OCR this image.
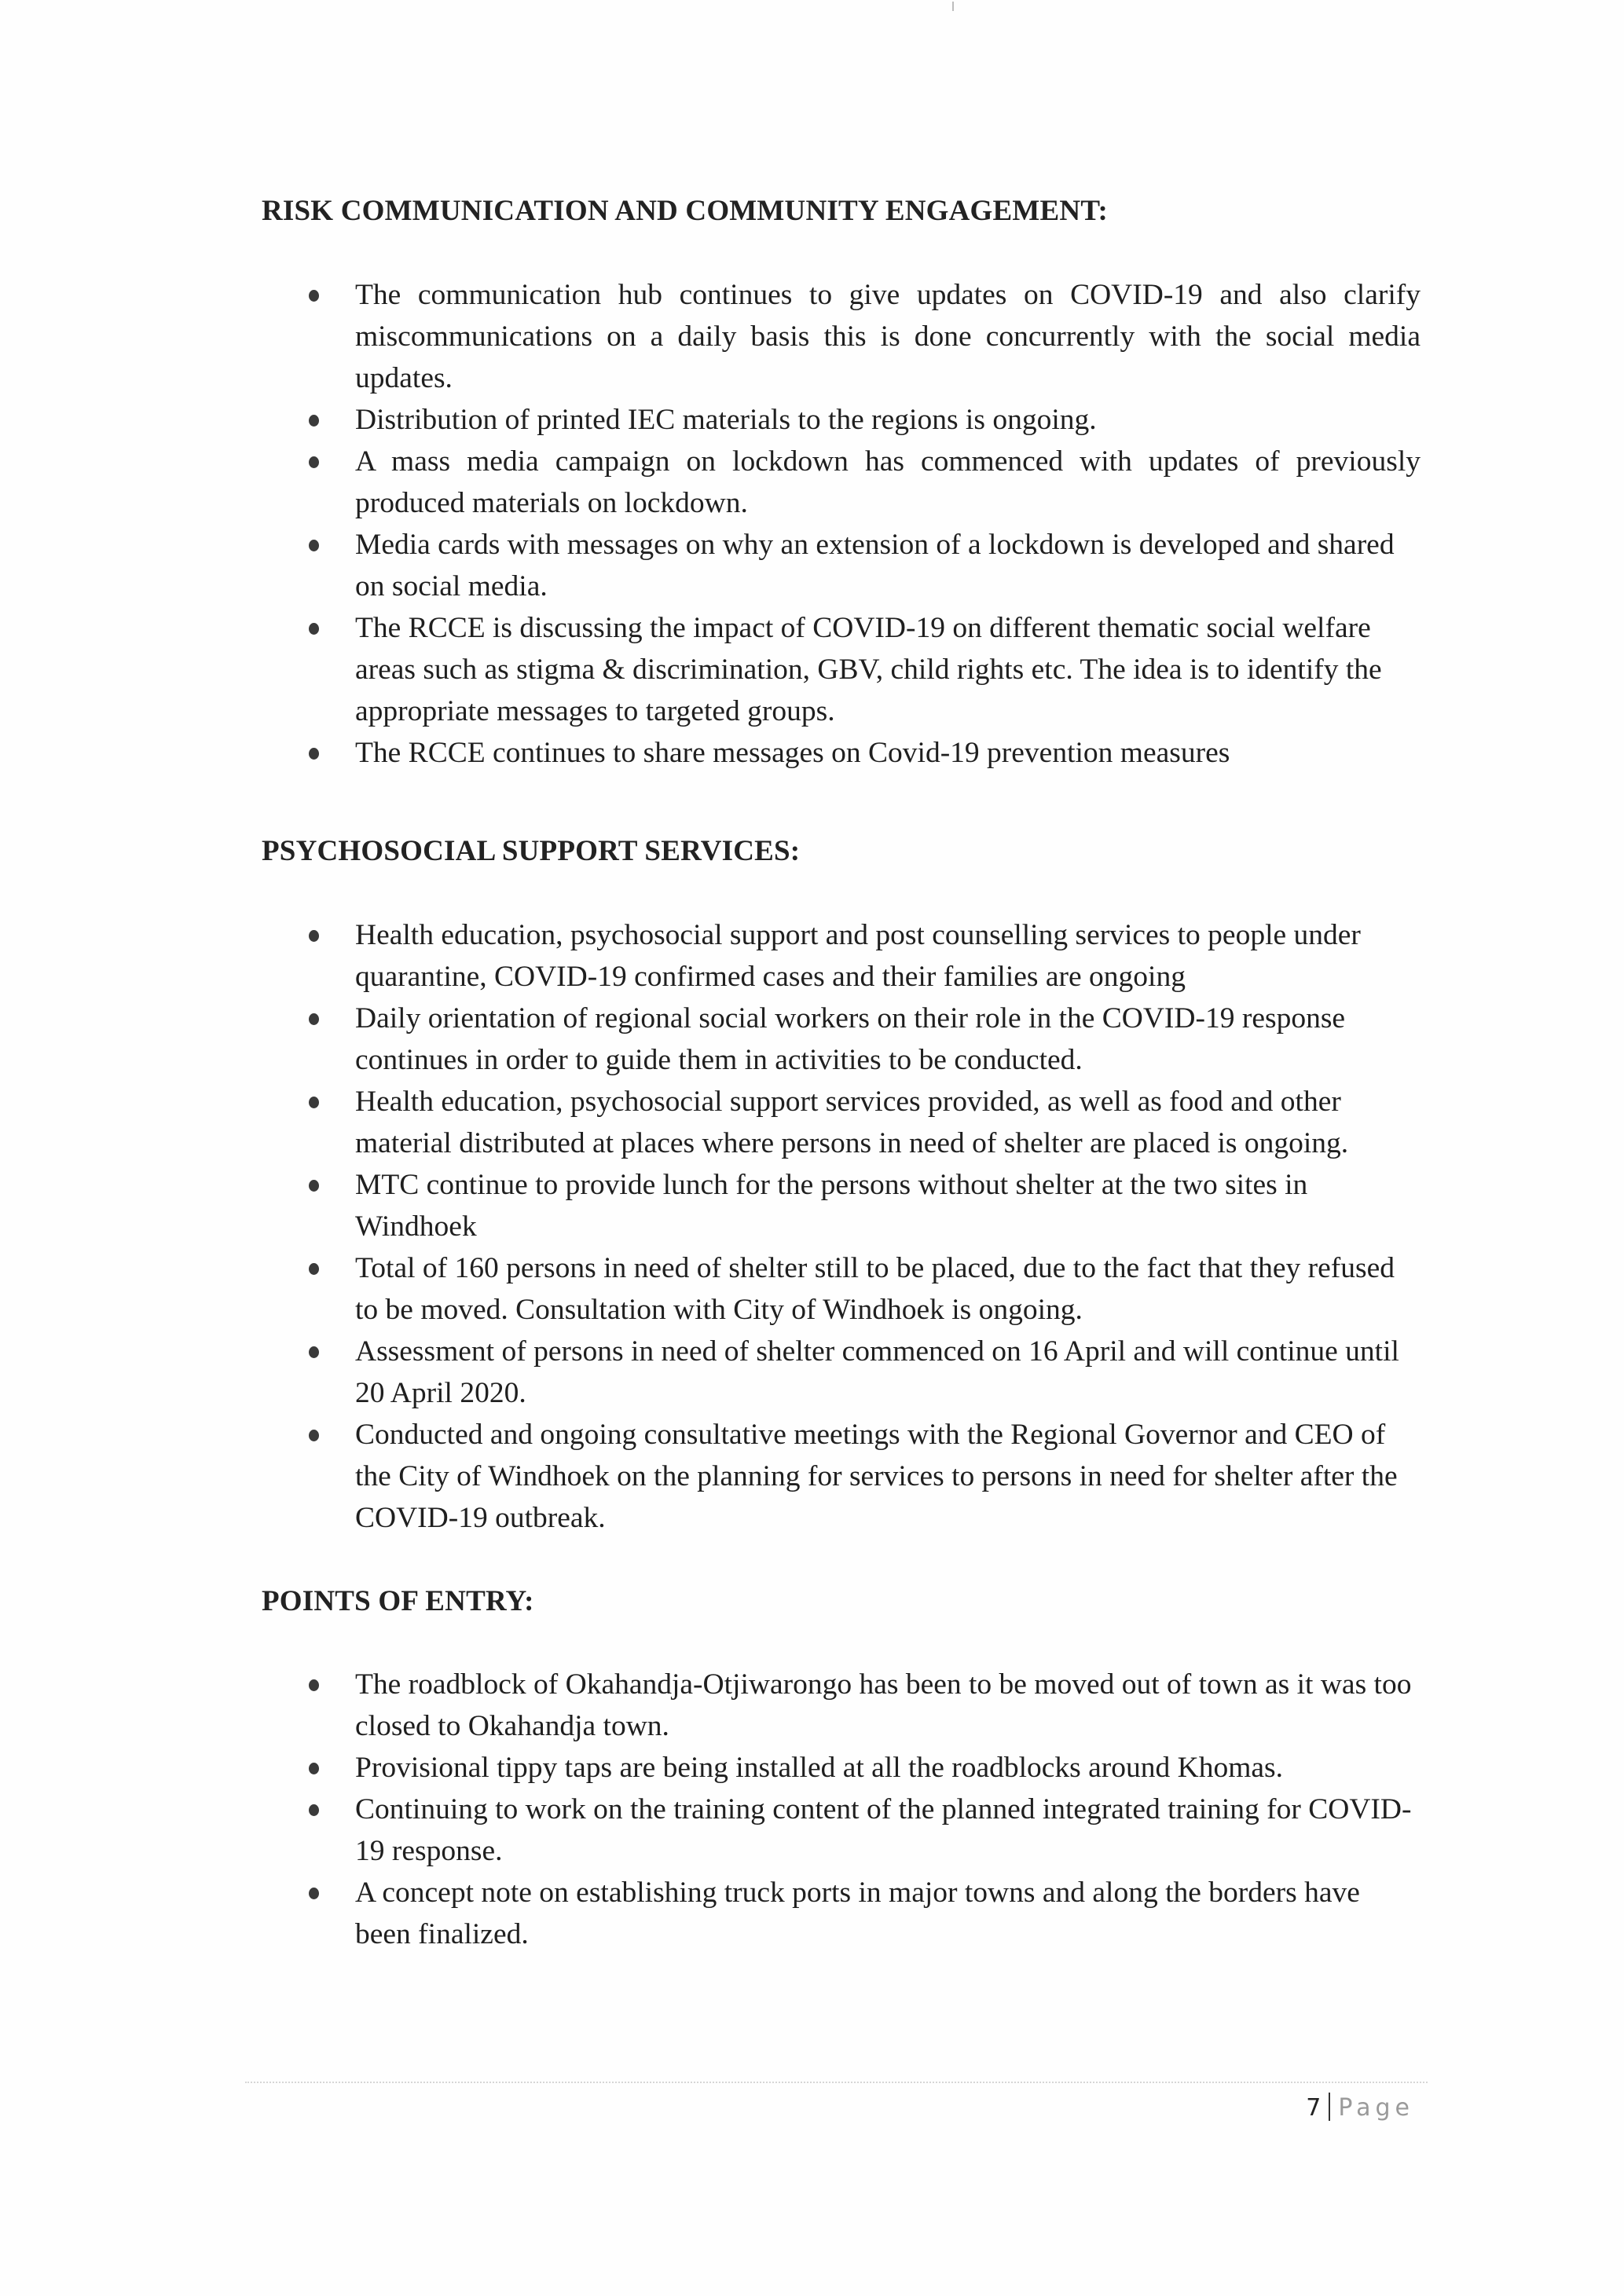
RISK COMMUNICATION AND COMMUNITY ENGAGEMENT:
The communication hub continues to give updates on COVID-19 and also clarify miscommunications on a daily basis this is done concurrently with the social media updates.
Distribution of printed IEC materials to the regions is ongoing.
A mass media campaign on lockdown has commenced with updates of previously produced materials on lockdown.
Media cards with messages on why an extension of a lockdown is developed and shared on social media.
The RCCE is discussing the impact of COVID-19 on different thematic social welfare areas such as stigma & discrimination, GBV, child rights etc. The idea is to identify the appropriate messages to targeted groups.
The RCCE continues to share messages on Covid-19 prevention measures
PSYCHOSOCIAL SUPPORT SERVICES:
Health education, psychosocial support and post counselling services to people under quarantine, COVID-19 confirmed cases and their families are ongoing
Daily orientation of regional social workers on their role in the COVID-19 response continues in order to guide them in activities to be conducted.
Health education, psychosocial support services provided, as well as food and other material distributed at places where persons in need of shelter are placed is ongoing.
MTC continue to provide lunch for the persons without shelter at the two sites in Windhoek
Total of 160 persons in need of shelter still to be placed, due to the fact that they refused to be moved. Consultation with City of Windhoek is ongoing.
Assessment of persons in need of shelter commenced on 16 April and will continue until 20 April 2020.
Conducted and ongoing consultative meetings with the Regional Governor and CEO of the City of Windhoek on the planning for services to persons in need for shelter after the COVID-19 outbreak.
POINTS OF ENTRY:
The roadblock of Okahandja-Otjiwarongo has been to be moved out of town as it was too closed to Okahandja town.
Provisional tippy taps are being installed at all the roadblocks around Khomas.
Continuing to work on the training content of the planned integrated training for COVID-19 response.
A concept note on establishing truck ports in major towns and along the borders have been finalized.
7 Page
